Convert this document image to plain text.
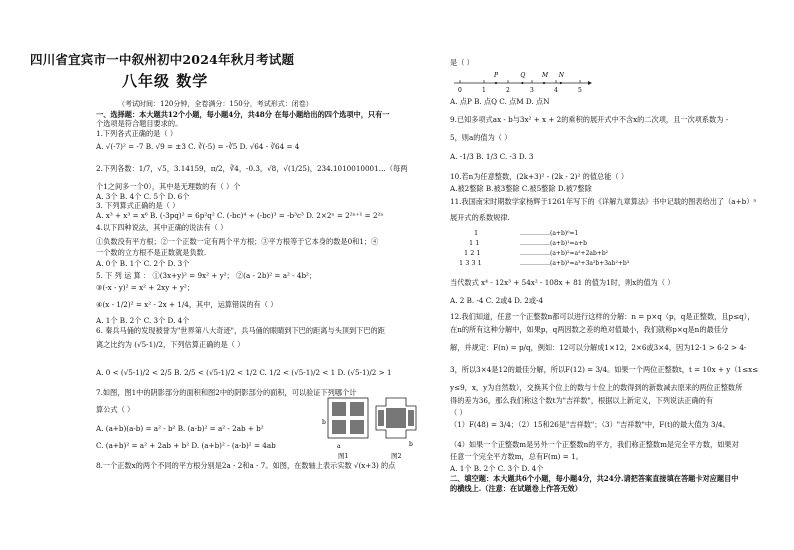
四川省宜宾市一中叙州初中2024年秋月考试题
八年级 数学
（考试时间：120分钟，全卷满分：150分，考试形式：闭卷）
一、选择题：本大题共12个小题，每小题4分，共48分 在每小题给出的四个选项中，只有一
个选项是符合题目要求的。
1.下列各式正确的是（ ）
A. √(-7)² = -7 B. √9 = ±3 C. ∛(-5) = -∛5 D. √64 - ∛64 = 4
2.下列各数：1/7，√5，3.14159，π/2，∛4，-0.3，√8，√(1/25)，234.1010010001…（每两
个1之间多一个0），其中是无理数的有（ ）个
A. 3个 B. 4个 C. 5个 D. 6个
3. 下列算式正确的是（ ）
A. x³ + x³ = x⁶ B. (-3pq)² = 6p²q² C. (-bc)⁴ ÷ (-bc)³ = -b³c³ D. 2×2ⁿ = 2²ⁿ⁺¹ = 2²ⁿ
4.以下四种说法，其中正确的说法有（ ）
①负数没有平方根；②一个正数一定有两个平方根；③平方根等于它本身的数是0和1；④
一个数的立方根不是正数就是负数.
A. 0个 B. 1个 C. 2个 D. 3个
5. 下 列 运 算 ： ①(3x+y)² = 9x² + y²； ②(a - 2b)² = a² - 4b²；
③(-x - y)² = x² + 2xy + y²；
④(x - 1/2)² = x² - 2x + 1/4，其中，运算错误的有（ ）
A. 1个 B. 2个 C. 3个 D. 4个
6. 秦兵马俑的发现被誉为"世界第八大奇迹"，兵马俑的眼睛到下巴的距离与头顶到下巴的距
离之比约为 (√5-1)/2，下列估算正确的是（ ）
A. 0 < (√5-1)/2 < 2/5 B. 2/5 < (√5-1)/2 < 1/2 C. 1/2 < (√5-1)/2 < 1 D. (√5-1)/2 > 1
7.如图，图1中的阴影部分的面积和图2中的阴影部分的面积，可以验证下列哪个计
算公式（ ）
A. (a+b)(a-b) = a² - b² B. (a-b)² = a² - 2ab + b²
C. (a+b)² = a² + 2ab + b² D. (a+b)² - (a-b)² = 4ab
8.一个正数x的两个不同的平方根分别是2a - 2和a - 7。如图，在数轴上表示实数 √(x+3) 的点
b
a
图1
b
图2
是（ ）
0	1	2	3	4	5
P	Q	M N
A. 点P B. 点Q C. 点M D. 点N
9.已知多项式ax - b与3x² + x + 2的乘积的展开式中不含x的二次项，且一次项系数为 -
5，则a的值为（ ）
A. -1/3 B. 1/3 C. -3 D. 3
10.若n为任意整数，(2k+3)² - (2k - 2)² 的值总能（ ）
A.被2整除 B.被3整除 C.被5整除 D.被7整除
11.我国南宋时期数学家杨辉于1261年写下的《详解九章算法》书中记载的图表给出了（a+b）ⁿ
展开式的系数规律.
1
1 1
1 2 1
1 3 3 1
……………(a+b)⁰=1
……………(a+b)¹=a+b
……………(a+b)²=a²+2ab+b²
……………(a+b)³=a³+3a²b+3ab²+b³
当代数式 x⁴ - 12x³ + 54x² - 108x + 81 的值为1时，则x的值为（ ）
A. 2 B. -4 C. 2或4 D. 2或-4
12.我们知道，任意一个正整数n都可以进行这样的分解：n = p×q（p，q是正整数，且p≤q），
在n的所有这种分解中，如果p，q两因数之差的绝对值最小，我们就称p×q是n的最佳分
解，并规定：F(n) = p/q，例如：12可以分解成1×12，2×6或3×4，因为12-1 > 6-2 > 4-
3，所以3×4是12的最佳分解，所以F(12) = 3/4。如果一个两位正整数t，t = 10x + y（1≤x≤
y≤9，x，y为自然数），交换其个位上的数与十位上的数得到的新数减去原来的两位正整数所
得的差为36，那么我们称这个数t为"吉祥数"，根据以上新定义，下列说法正确的有
（ ）
（1）F(48) = 3/4；（2）15和26是"吉祥数"；（3）"吉祥数"中，F(t)的最大值为 3/4。
（4）如果一个正整数m是另外一个正整数n的平方，我们称正整数m是完全平方数，如果对
任意一个完全平方数m，总有F(m) = 1。
A. 1个 B. 2个 C. 3个 D. 4个
二、填空题：本大题共6个小题，每小题4分，共24分.请把答案直接填在答题卡对应题目中
的横线上.（注意：在试题卷上作答无效）
